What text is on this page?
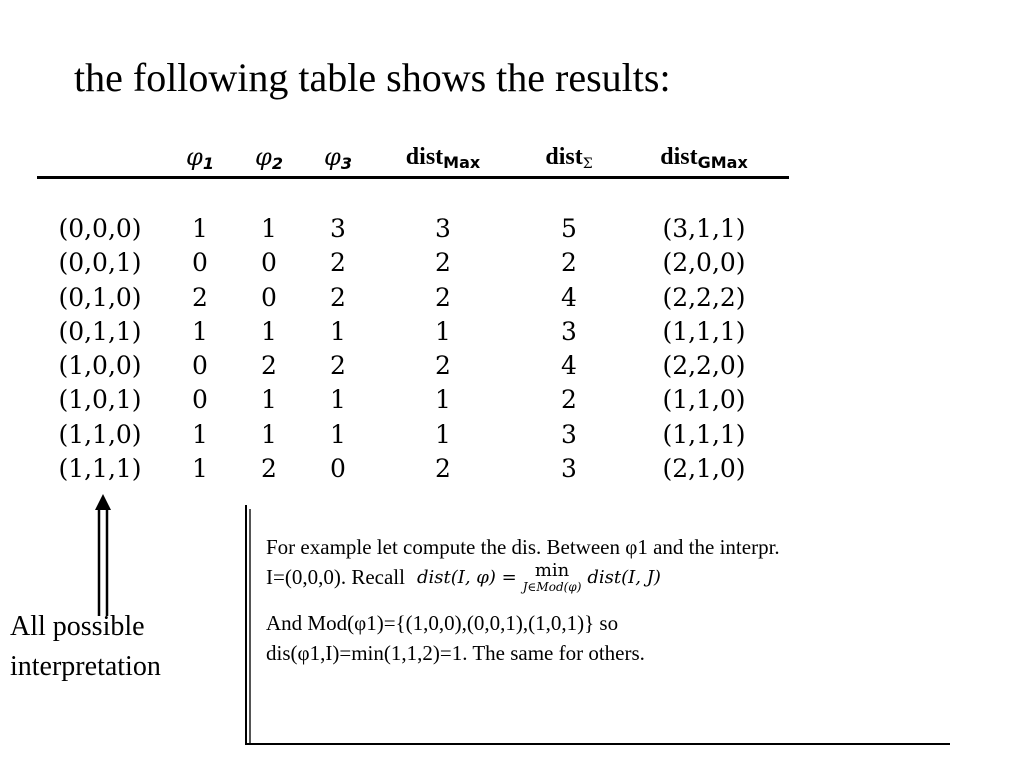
the following table shows the results:
φ1 φ2 φ3 distMax	distΣ	distGMax
(0,0,0) 1 1 3	3	5	(3,1,1)
(0,0,1) 0 0 2	2	2	(2,0,0)
(0,1,0) 2 0 2	2	4	(2,2,2)
(0,1,1) 1 1 1	1	3	(1,1,1)
(1,0,0) 0 2 2	2	4	(2,2,0)
(1,0,1) 0 1 1	1	2	(1,1,0)
(1,1,0) 1 1 1	1	3	(1,1,1)
(1,1,1) 1 2 0	2	3	(2,1,0)
All possible
interpretation

For example let compute the dis. Between φ1 and the interpr.

I=(0,0,0). Recall dist(I, φ) =	min
J∈Mod(φ) dist(I, J)

And Mod(φ1)={(1,0,0),(0,0,1),(1,0,1)} so

dis(φ1,I)=min(1,1,2)=1. The same for others.
